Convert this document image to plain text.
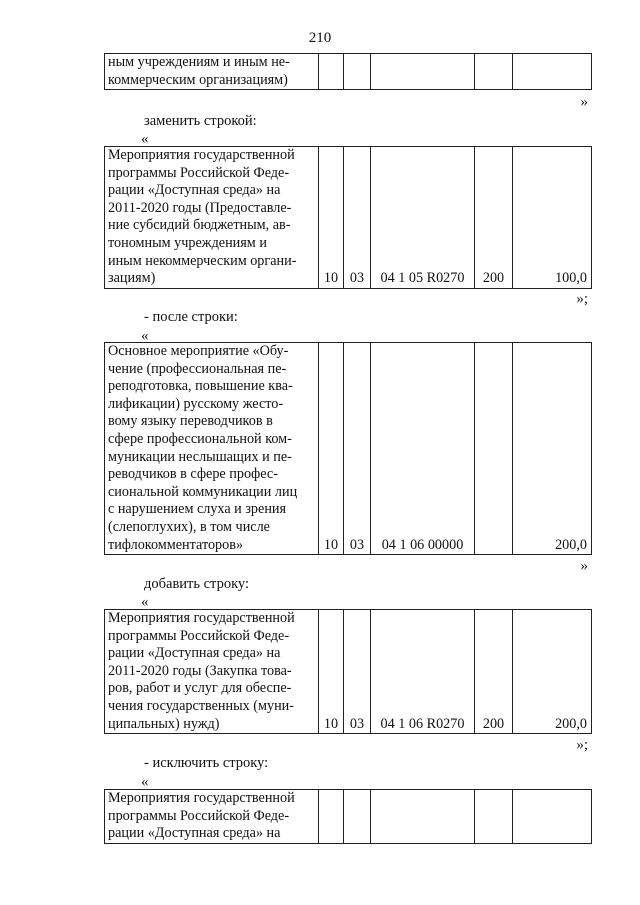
210
ным учреждениям и иным не-
коммерческим организациям)					
»
заменить строкой:
«
Мероприятия государственной
программы Российской Феде-
рации «Доступная среда» на
2011-2020 годы (Предоставле-
ние субсидий бюджетным, ав-
тономным учреждениям и
иным некоммерческим органи-
зациям)	10	03	04 1 05 R0270	200	100,0
»;
- после строки:
«
Основное мероприятие «Обу-
чение (профессиональная пе-
реподготовка, повышение ква-
лификации) русскому жесто-
вому языку переводчиков в
сфере профессиональной ком-
муникации неслышащих и пе-
реводчиков в сфере профес-
сиональной коммуникации лиц
с нарушением слуха и зрения
(слепоглухих), в том числе
тифлокомментаторов»	10	03	04 1 06 00000		200,0
»
добавить строку:
«
Мероприятия государственной
программы Российской Феде-
рации «Доступная среда» на
2011-2020 годы (Закупка това-
ров, работ и услуг для обеспе-
чения государственных (муни-
ципальных) нужд)	10	03	04 1 06 R0270	200	200,0
»;
- исключить строку:
«
Мероприятия государственной
программы Российской Феде-
рации «Доступная среда» на					
